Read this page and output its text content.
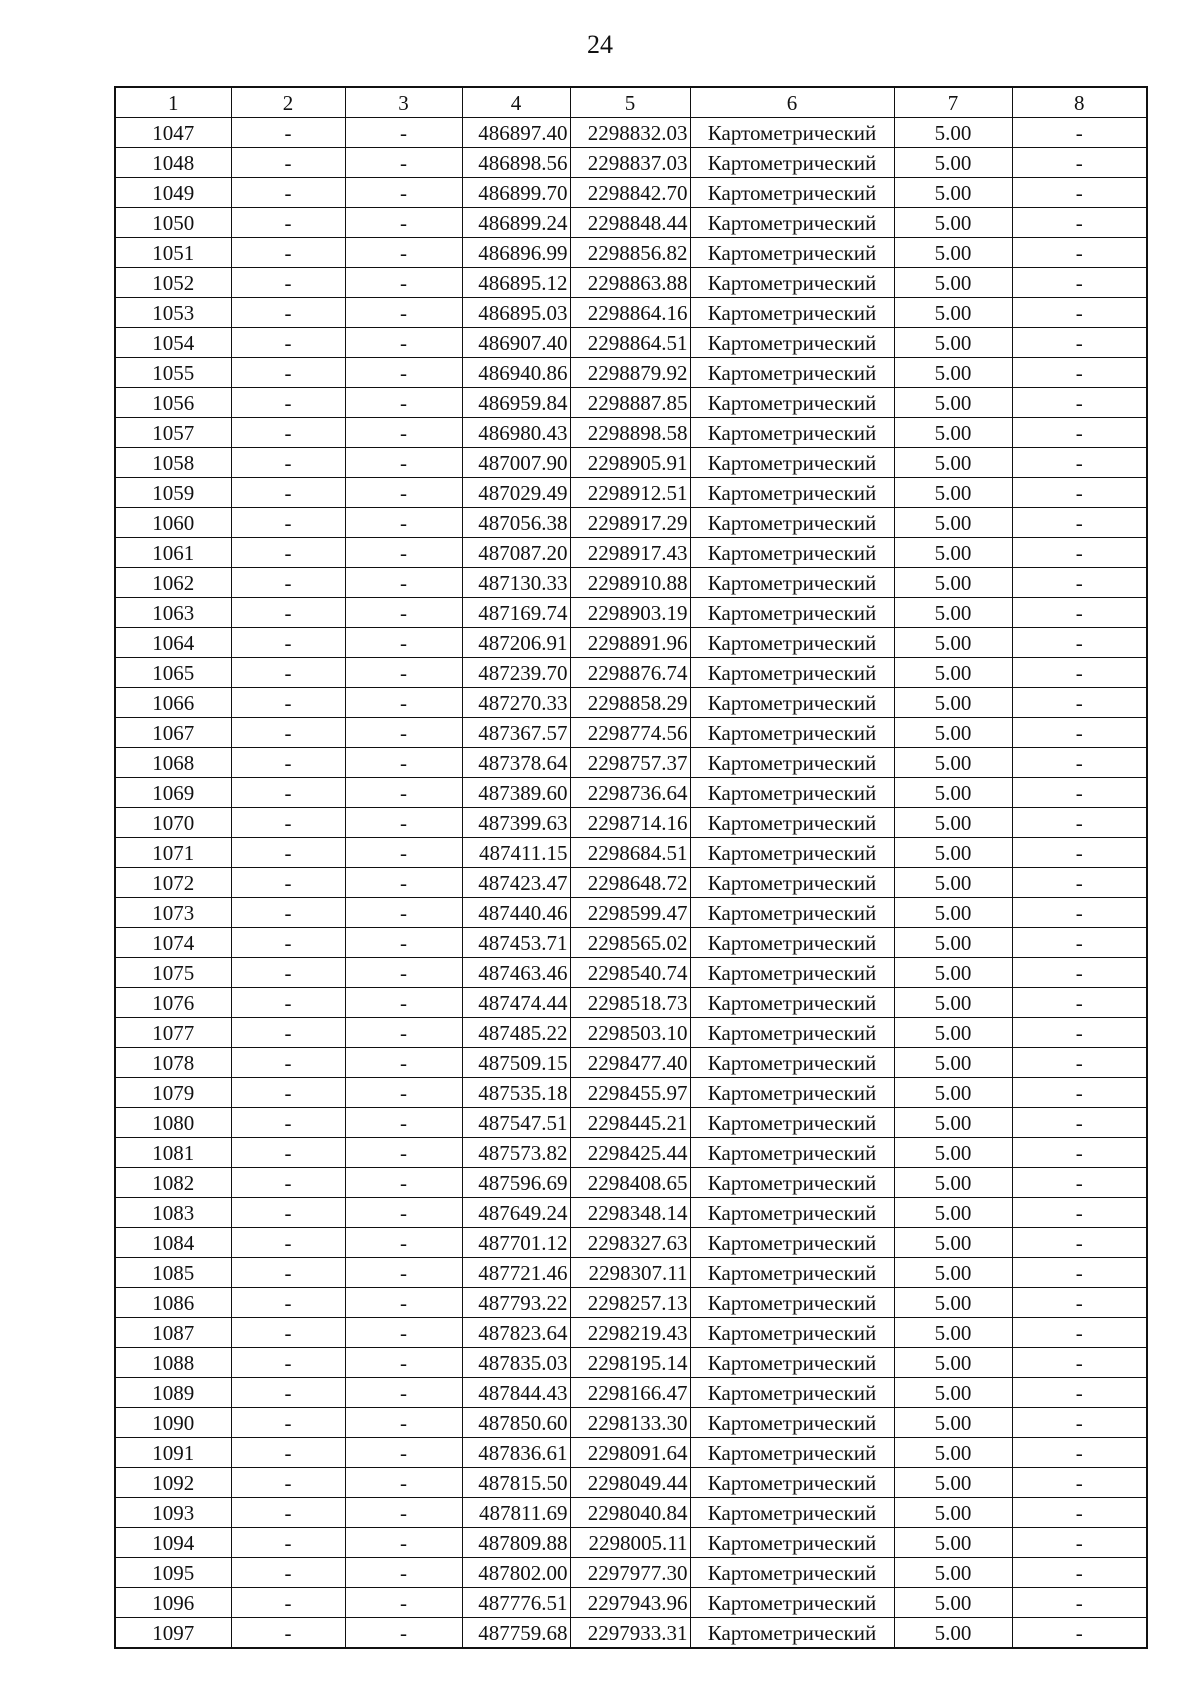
24
1	2	3	4	5	6	7	8
1047	-	-	486897.40	2298832.03	Картометрический	5.00	-
1048	-	-	486898.56	2298837.03	Картометрический	5.00	-
1049	-	-	486899.70	2298842.70	Картометрический	5.00	-
1050	-	-	486899.24	2298848.44	Картометрический	5.00	-
1051	-	-	486896.99	2298856.82	Картометрический	5.00	-
1052	-	-	486895.12	2298863.88	Картометрический	5.00	-
1053	-	-	486895.03	2298864.16	Картометрический	5.00	-
1054	-	-	486907.40	2298864.51	Картометрический	5.00	-
1055	-	-	486940.86	2298879.92	Картометрический	5.00	-
1056	-	-	486959.84	2298887.85	Картометрический	5.00	-
1057	-	-	486980.43	2298898.58	Картометрический	5.00	-
1058	-	-	487007.90	2298905.91	Картометрический	5.00	-
1059	-	-	487029.49	2298912.51	Картометрический	5.00	-
1060	-	-	487056.38	2298917.29	Картометрический	5.00	-
1061	-	-	487087.20	2298917.43	Картометрический	5.00	-
1062	-	-	487130.33	2298910.88	Картометрический	5.00	-
1063	-	-	487169.74	2298903.19	Картометрический	5.00	-
1064	-	-	487206.91	2298891.96	Картометрический	5.00	-
1065	-	-	487239.70	2298876.74	Картометрический	5.00	-
1066	-	-	487270.33	2298858.29	Картометрический	5.00	-
1067	-	-	487367.57	2298774.56	Картометрический	5.00	-
1068	-	-	487378.64	2298757.37	Картометрический	5.00	-
1069	-	-	487389.60	2298736.64	Картометрический	5.00	-
1070	-	-	487399.63	2298714.16	Картометрический	5.00	-
1071	-	-	487411.15	2298684.51	Картометрический	5.00	-
1072	-	-	487423.47	2298648.72	Картометрический	5.00	-
1073	-	-	487440.46	2298599.47	Картометрический	5.00	-
1074	-	-	487453.71	2298565.02	Картометрический	5.00	-
1075	-	-	487463.46	2298540.74	Картометрический	5.00	-
1076	-	-	487474.44	2298518.73	Картометрический	5.00	-
1077	-	-	487485.22	2298503.10	Картометрический	5.00	-
1078	-	-	487509.15	2298477.40	Картометрический	5.00	-
1079	-	-	487535.18	2298455.97	Картометрический	5.00	-
1080	-	-	487547.51	2298445.21	Картометрический	5.00	-
1081	-	-	487573.82	2298425.44	Картометрический	5.00	-
1082	-	-	487596.69	2298408.65	Картометрический	5.00	-
1083	-	-	487649.24	2298348.14	Картометрический	5.00	-
1084	-	-	487701.12	2298327.63	Картометрический	5.00	-
1085	-	-	487721.46	2298307.11	Картометрический	5.00	-
1086	-	-	487793.22	2298257.13	Картометрический	5.00	-
1087	-	-	487823.64	2298219.43	Картометрический	5.00	-
1088	-	-	487835.03	2298195.14	Картометрический	5.00	-
1089	-	-	487844.43	2298166.47	Картометрический	5.00	-
1090	-	-	487850.60	2298133.30	Картометрический	5.00	-
1091	-	-	487836.61	2298091.64	Картометрический	5.00	-
1092	-	-	487815.50	2298049.44	Картометрический	5.00	-
1093	-	-	487811.69	2298040.84	Картометрический	5.00	-
1094	-	-	487809.88	2298005.11	Картометрический	5.00	-
1095	-	-	487802.00	2297977.30	Картометрический	5.00	-
1096	-	-	487776.51	2297943.96	Картометрический	5.00	-
1097	-	-	487759.68	2297933.31	Картометрический	5.00	-
